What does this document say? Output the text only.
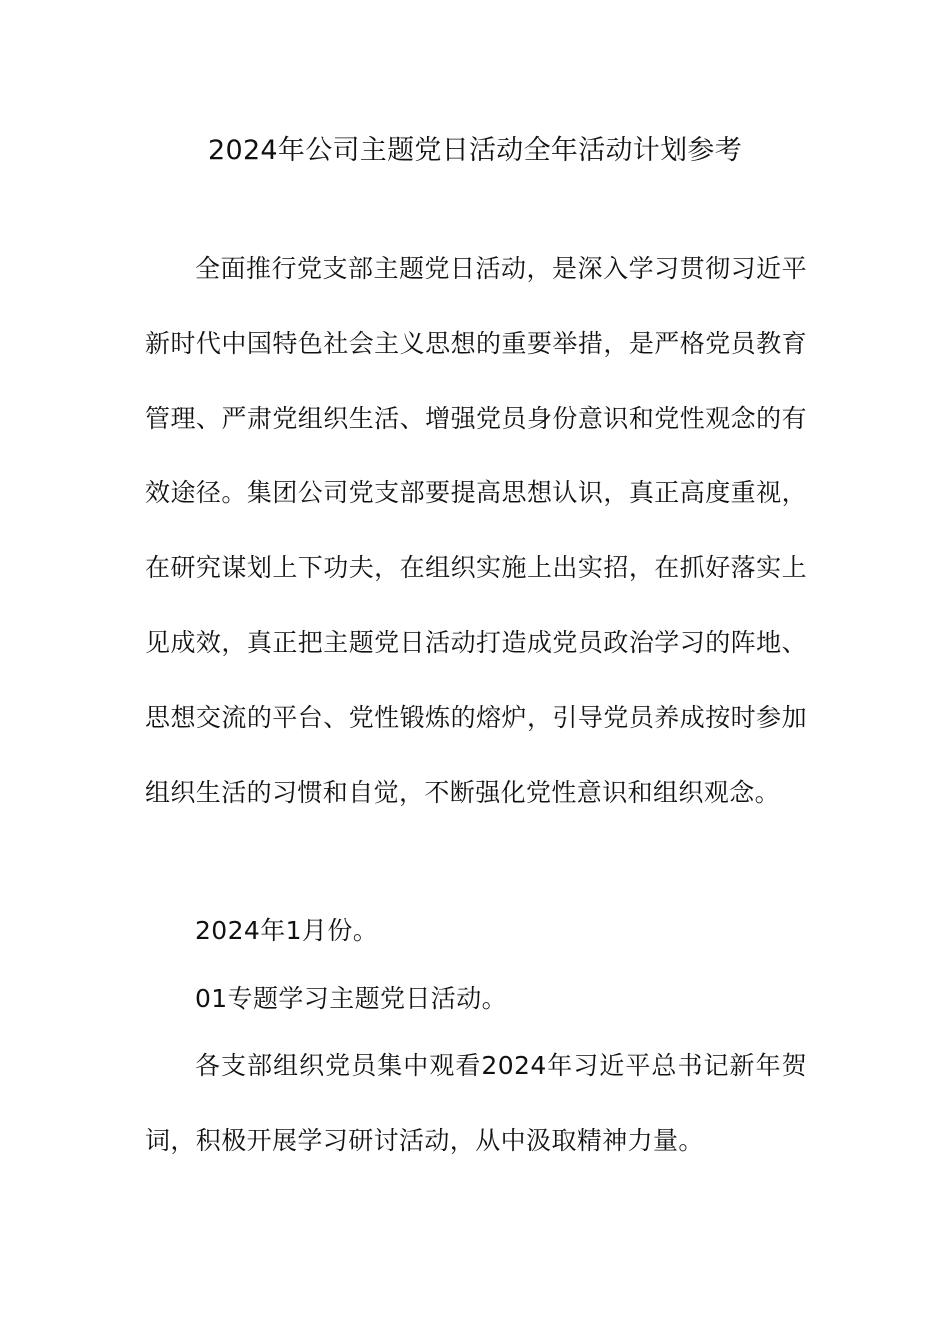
2024年公司主题党日活动全年活动计划参考
全面推行党支部主题党日活动，是深入学习贯彻习近平新时代中国特色社会主义思想的重要举措，是严格党员教育管理、严肃党组织生活、增强党员身份意识和党性观念的有效途径。集团公司党支部要提高思想认识，真正高度重视，在研究谋划上下功夫，在组织实施上出实招，在抓好落实上见成效，真正把主题党日活动打造成党员政治学习的阵地、思想交流的平台、党性锻炼的熔炉，引导党员养成按时参加组织生活的习惯和自觉，不断强化党性意识和组织观念。
2024年1月份。
01专题学习主题党日活动。
各支部组织党员集中观看2024年习近平总书记新年贺词，积极开展学习研讨活动，从中汲取精神力量。
